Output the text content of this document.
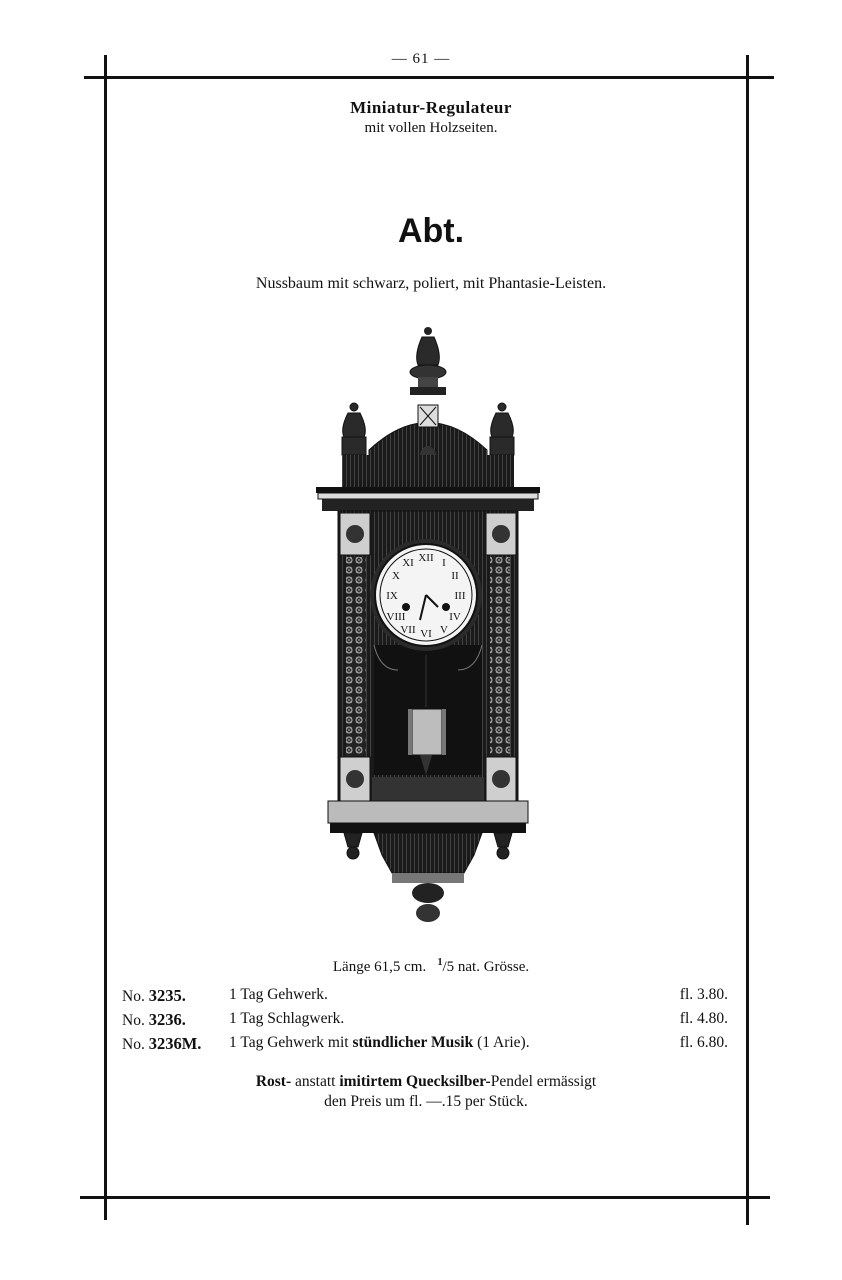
— 61 —
Miniatur-Regulateur
mit vollen Holzseiten.
Abt.
Nussbaum mit schwarz, poliert, mit Phantasie-Leisten.
XII
III
VI
IX
I
II
IV
V
VII
VIII
X
XI
Länge 61,5 cm. $^1$/5 nat. Grösse.
No. 3235.	1 Tag Gehwerk.	fl. 3.80.
No. 3236.	1 Tag Schlagwerk.	fl. 4.80.
No. 3236M. 1 Tag Gehwerk mit stündlicher Musik (1 Arie).	fl. 6.80.
Rost- anstatt imitirtem Quecksilber-Pendel ermässigt
den Preis um fl. —.15 per Stück.
